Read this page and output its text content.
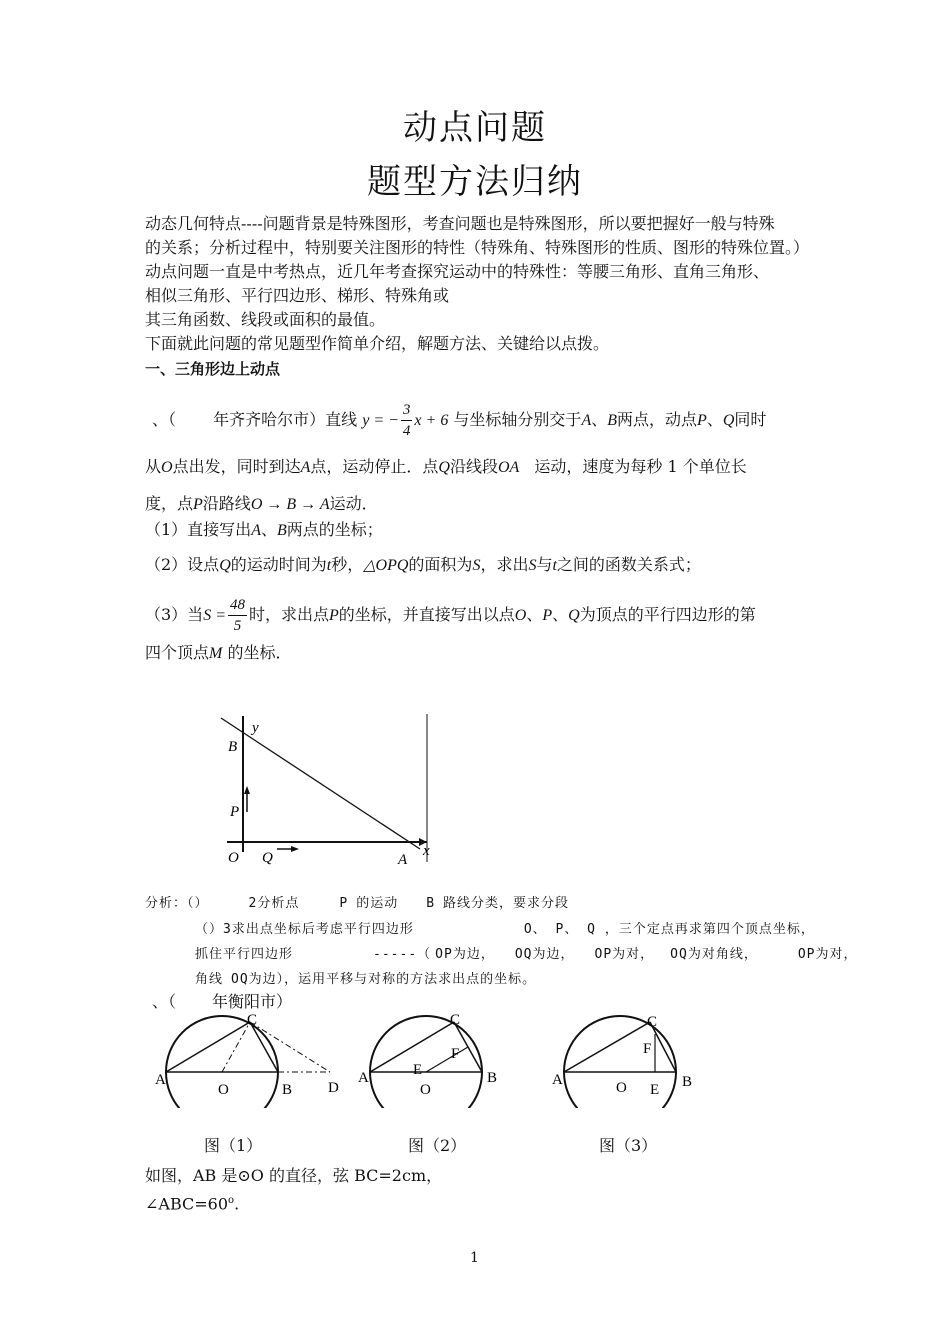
动点问题
题型方法归纳
动态几何特点----问题背景是特殊图形，考查问题也是特殊图形，所以要把握好一般与特殊
的关系；分析过程中，特别要关注图形的特性（特殊角、特殊图形的性质、图形的特殊位置。）
动点问题一直是中考热点，近几年考查探究运动中的特殊性：等腰三角形、直角三角形、
相似三角形、平行四边形、梯形、特殊角或
其三角函数、线段或面积的最值。
下面就此问题的常见题型作简单介绍，解题方法、关键给以点拨。
一、三角形边上动点
、（ 年齐齐哈尔市）直线 y = − $\frac{3}{4}$ x + 6 与坐标轴分别交于A、B两点，动点P、Q同时
从O点出发，同时到达A点，运动停止．点Q沿线段OA 运动，速度为每秒 1 个单位长
度，点P沿路线O → B → A运动．
（1）直接写出A、B两点的坐标；
（2）设点Q的运动时间为t秒，△OPQ的面积为S，求出S与t之间的函数关系式；
（3）当$S = \frac{48}{5}$ 时，求出点P的坐标，并直接写出以点O、P、Q为顶点的平行四边形的第
四个顶点M 的坐标．
y
x
B
P
O Q	A
分析：（）	2分析点	P 的运动 B 路线分类，要求分段
（）3求出点坐标后考虑平行四边形	O、 P、 Q ，三个定点再求第四个顶点坐标，
抓住平行四边形	-----（ OP为边， OQ为边， OP为对， OQ为对角线，	OP为对，
角线 OQ为边），运用平移与对称的方法求出点的坐标。
、（ 年衡阳市）
A
O	B
C
D
A
O
B
C
E
F
A	O	B
C
E
F
图（1）	图（2）	图（3）
如图，AB 是⊙O 的直径，弦 BC=2cm，
$\angle ABC=60^o$.
1
